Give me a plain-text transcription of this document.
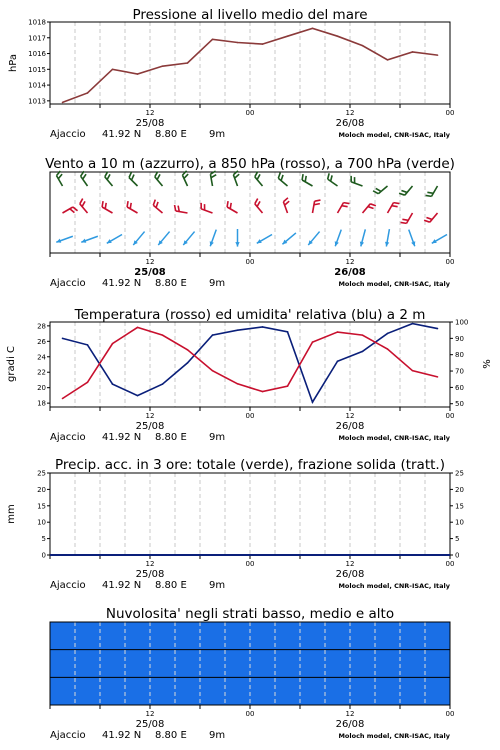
12	00	12	00
25/08	26/08
Ajaccio 41.92 N 8.80 E 9m	Moloch model, CNR-ISAC, Italy
Pressione al livello medio del mare
1013
1014
1015
1016
1017
1018
hPa
12	00	12	00
25/08	26/08
Ajaccio 41.92 N 8.80 E 9m	Moloch model, CNR-ISAC, Italy
Vento a 10 m (azzurro), a 850 hPa (rosso), a 700 hPa (verde)
12	00	12	00
25/08	26/08
Ajaccio 41.92 N 8.80 E 9m	Moloch model, CNR-ISAC, Italy
Temperatura (rosso) ed umidita' relativa (blu) a 2 m
18
20
22
24
26
28
50
60
70
80
90
100
gradi C	%
12	00	12	00
25/08	26/08
Ajaccio 41.92 N 8.80 E 9m	Moloch model, CNR-ISAC, Italy
Precip. acc. in 3 ore: totale (verde), frazione solida (tratt.)
0
5
10
15
20
25
0
5
10
15
20
25
mm
12	00	12	00
25/08	26/08
Ajaccio 41.92 N 8.80 E 9m	Moloch model, CNR-ISAC, Italy
Nuvolosita' negli strati basso, medio e alto
